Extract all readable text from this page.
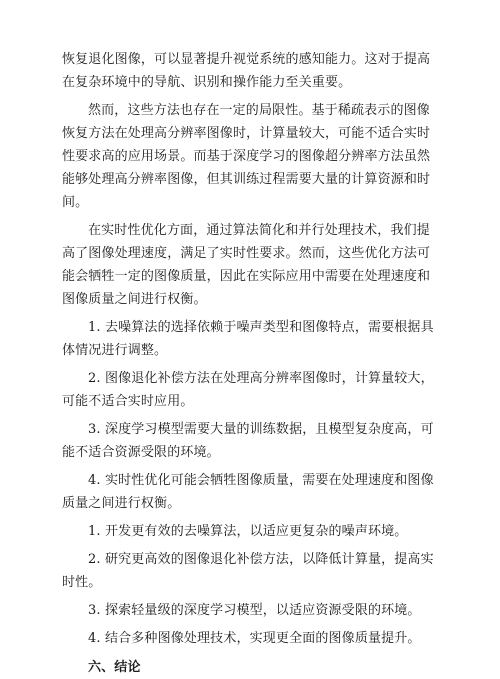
恢复退化图像，可以显著提升视觉系统的感知能力。这对于提高在复杂环境中的导航、识别和操作能力至关重要。

然而，这些方法也存在一定的局限性。基于稀疏表示的图像恢复方法在处理高分辨率图像时，计算量较大，可能不适合实时性要求高的应用场景。而基于深度学习的图像超分辨率方法虽然能够处理高分辨率图像，但其训练过程需要大量的计算资源和时间。

在实时性优化方面，通过算法简化和并行处理技术，我们提高了图像处理速度，满足了实时性要求。然而，这些优化方法可能会牺牲一定的图像质量，因此在实际应用中需要在处理速度和图像质量之间进行权衡。

1. 去噪算法的选择依赖于噪声类型和图像特点，需要根据具体情况进行调整。

2. 图像退化补偿方法在处理高分辨率图像时，计算量较大，可能不适合实时应用。

3. 深度学习模型需要大量的训练数据，且模型复杂度高，可能不适合资源受限的环境。

4. 实时性优化可能会牺牲图像质量，需要在处理速度和图像质量之间进行权衡。

1. 开发更有效的去噪算法，以适应更复杂的噪声环境。

2. 研究更高效的图像退化补偿方法，以降低计算量，提高实时性。

3. 探索轻量级的深度学习模型，以适应资源受限的环境。

4. 结合多种图像处理技术，实现更全面的图像质量提升。

六、结论
